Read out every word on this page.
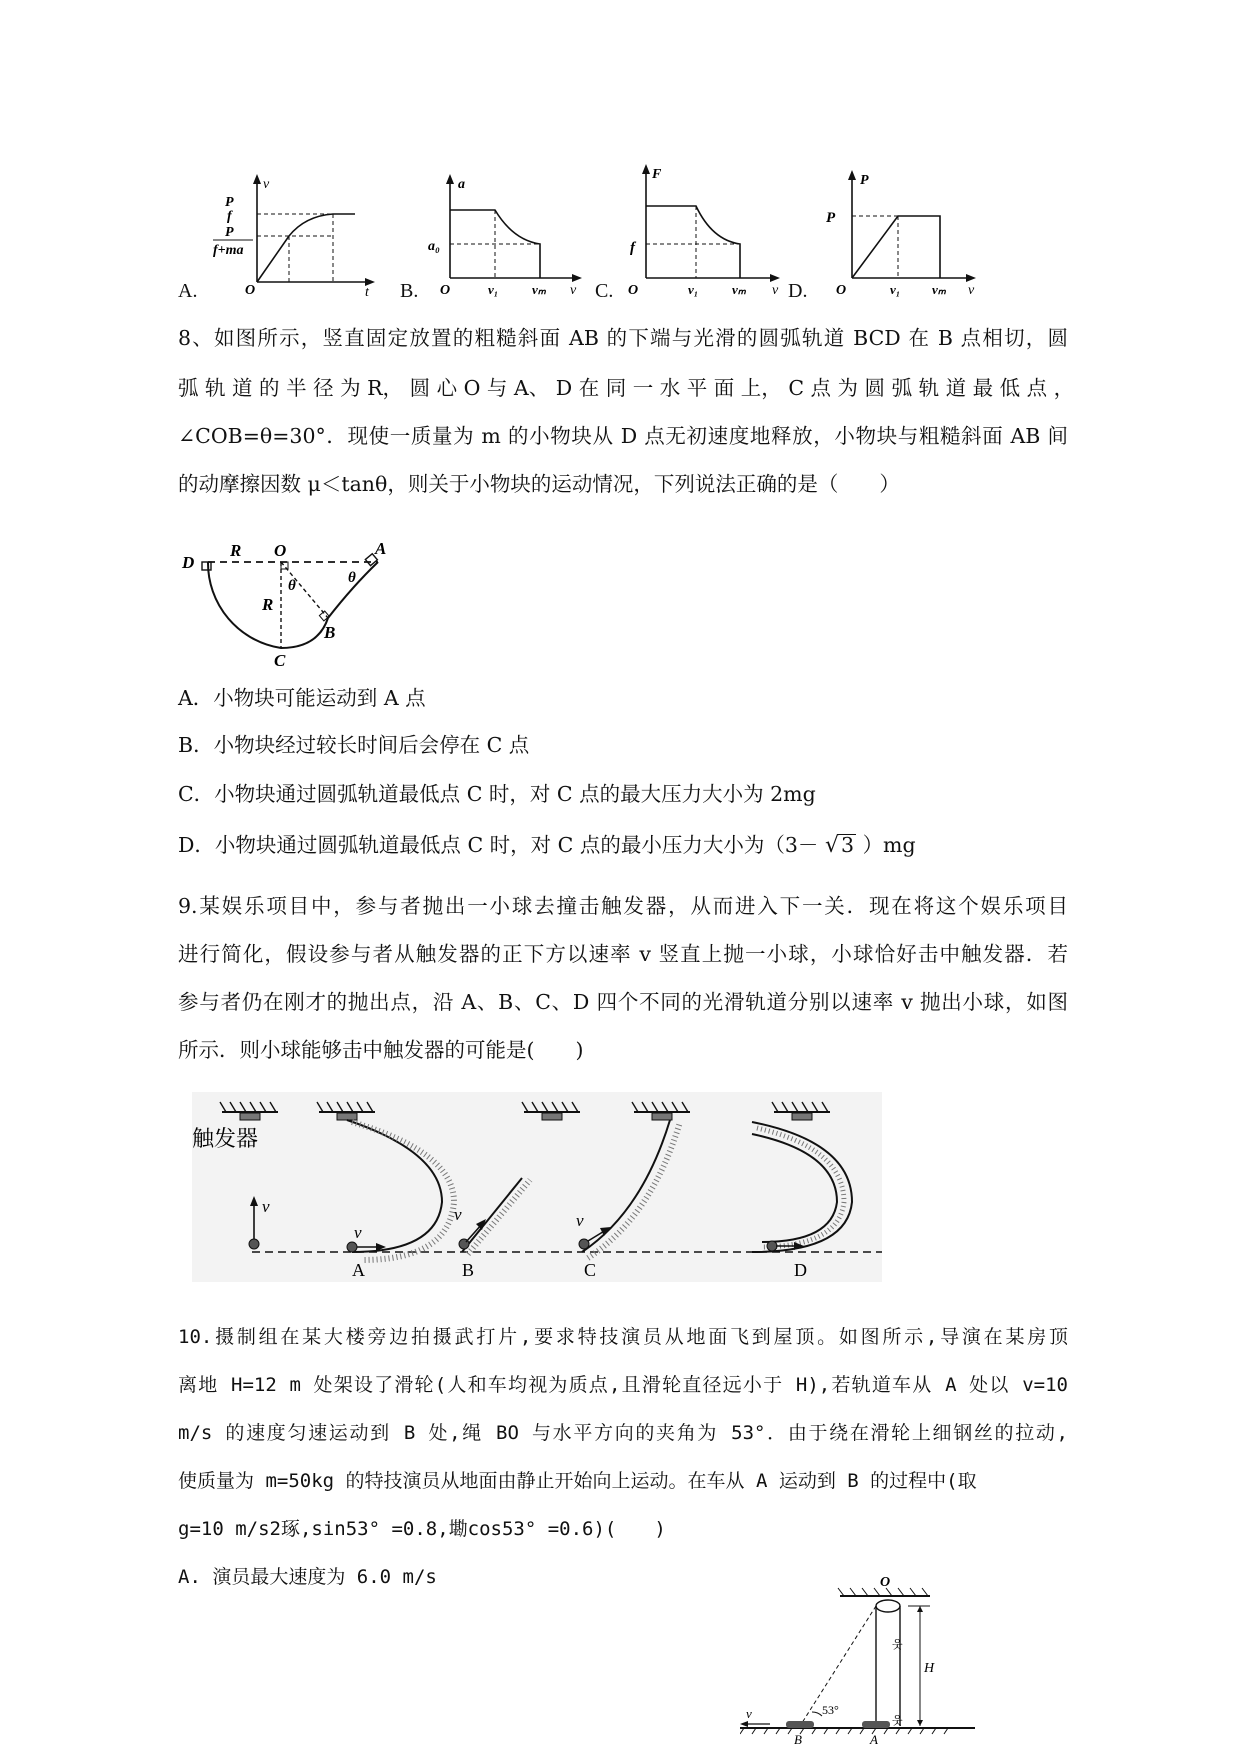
A.
v
P
f
P
f+ma
O	t B.
a
a₀
O	v₁	vₘ v C.
F
f
O	v₁	vₘ v D.
P
P
O	v₁ vₘ v
8、如图所示，竖直固定放置的粗糙斜面 AB 的下端与光滑的圆弧轨道 BCD 在 B 点相切，圆
弧 轨 道 的 半 径 为 R， 圆 心 O 与 A、 D 在 同 一 水 平 面 上， C 点 为 圆 弧 轨 道 最 低 点 ，
∠COB=θ=30°．现使一质量为 m 的小物块从 D 点无初速度地释放，小物块与粗糙斜面 AB 间
的动摩擦因数 μ＜tanθ，则关于小物块的运动情况，下列说法正确的是（　　）
D
R O	A
θ	θ
R
B
C
A．小物块可能运动到 A 点
B．小物块经过较长时间后会停在 C 点
C．小物块通过圆弧轨道最低点 C 时，对 C 点的最大压力大小为 2mg
D．小物块通过圆弧轨道最低点 C 时，对 C 点的最小压力大小为（3－ √3 ）mg
9.某娱乐项目中，参与者抛出一小球去撞击触发器，从而进入下一关．现在将这个娱乐项目
进行简化，假设参与者从触发器的正下方以速率 v 竖直上抛一小球，小球恰好击中触发器．若
参与者仍在刚才的抛出点，沿 A、B、C、D 四个不同的光滑轨道分别以速率 v 抛出小球，如图
所示．则小球能够击中触发器的可能是(　　)
触发器
v
v
v	v
A	B	C	D
10.摄制组在某大楼旁边拍摄武打片,要求特技演员从地面飞到屋顶。如图所示,导演在某房顶
离地 H=12 m 处架设了滑轮(人和车均视为质点,且滑轮直径远小于 H),若轨道车从 A 处以 v=10
m/s 的速度匀速运动到 B 处,绳 BO 与水平方向的夹角为 53°．由于绕在滑轮上细钢丝的拉动,
使质量为 m=50kg 的特技演员从地面由静止开始向上运动。在车从 A 运动到 B 的过程中(取
g=10 m/s2琢,sin53° =0.8,墈cos53° =0.6)(　　)
A. 演员最大速度为 6.0 m/s
H
O
웃
웃
v	53°
B	A
